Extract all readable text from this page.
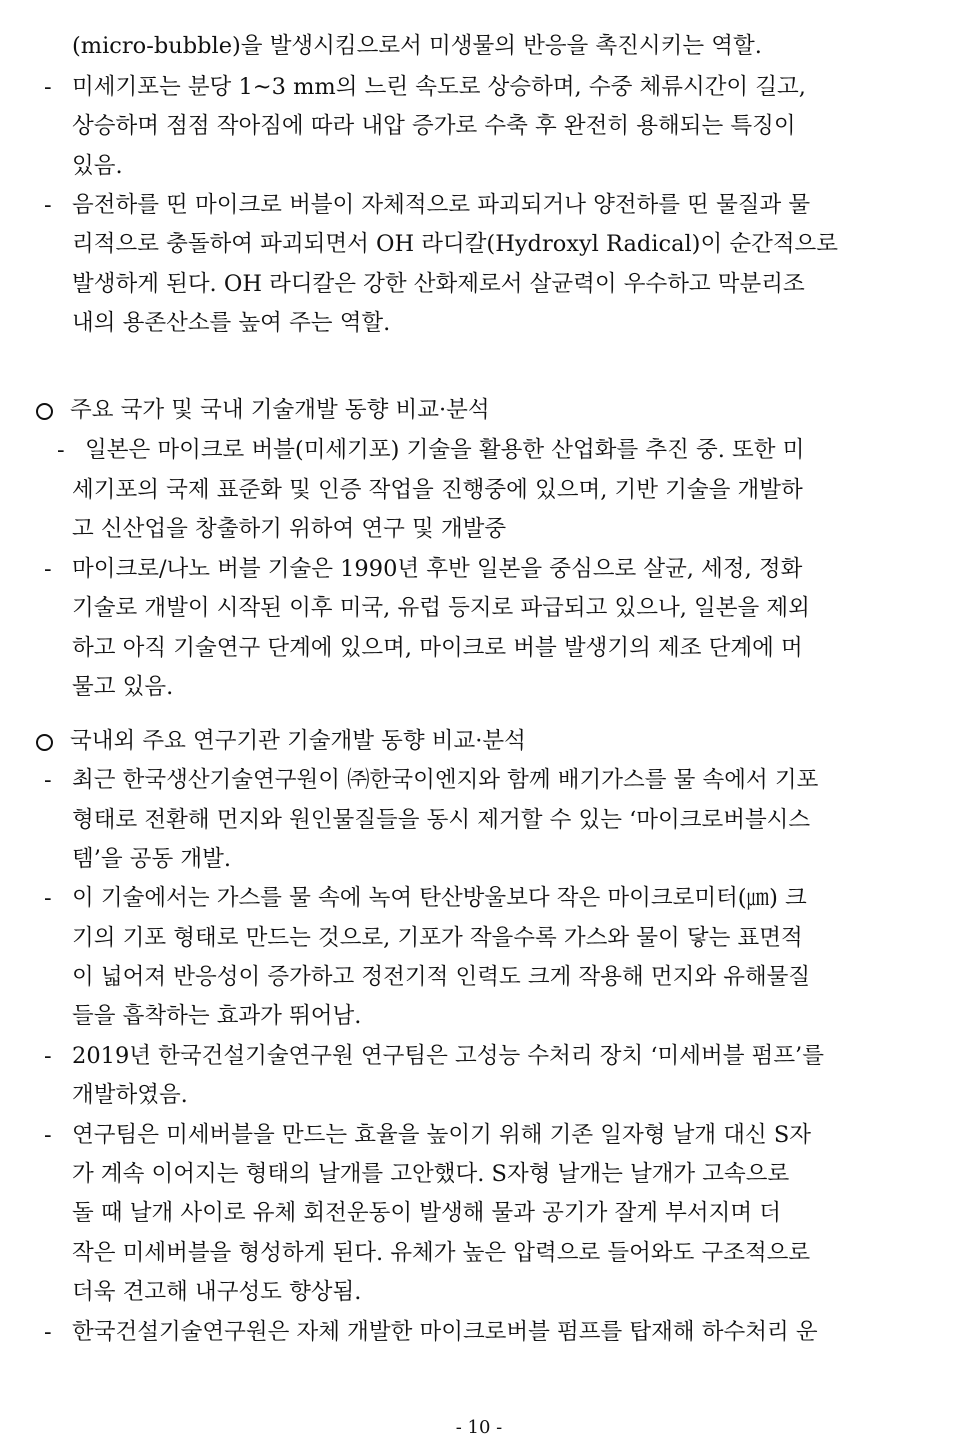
(micro-bubble)을 발생시킴으로서 미생물의 반응을 촉진시키는 역할.
- 미세기포는 분당 1~3 mm의 느린 속도로 상승하며, 수중 체류시간이 길고,
상승하며 점점 작아짐에 따라 내압 증가로 수축 후 완전히 용해되는 특징이
있음.
- 음전하를 띤 마이크로 버블이 자체적으로 파괴되거나 양전하를 띤 물질과 물
리적으로 충돌하여 파괴되면서 OH 라디칼(Hydroxyl Radical)이 순간적으로
발생하게 된다. OH 라디칼은 강한 산화제로서 살균력이 우수하고 막분리조
내의 용존산소를 높여 주는 역할.
주요 국가 및 국내 기술개발 동향 비교·분석
- 일본은 마이크로 버블(미세기포) 기술을 활용한 산업화를 추진 중. 또한 미
세기포의 국제 표준화 및 인증 작업을 진행중에 있으며, 기반 기술을 개발하
고 신산업을 창출하기 위하여 연구 및 개발중
- 마이크로/나노 버블 기술은 1990년 후반 일본을 중심으로 살균, 세정, 정화
기술로 개발이 시작된 이후 미국, 유럽 등지로 파급되고 있으나, 일본을 제외
하고 아직 기술연구 단계에 있으며, 마이크로 버블 발생기의 제조 단계에 머
물고 있음.
국내외 주요 연구기관 기술개발 동향 비교·분석
- 최근 한국생산기술연구원이 ㈜한국이엔지와 함께 배기가스를 물 속에서 기포
형태로 전환해 먼지와 원인물질들을 동시 제거할 수 있는 ‘마이크로버블시스
템’을 공동 개발.
- 이 기술에서는 가스를 물 속에 녹여 탄산방울보다 작은 마이크로미터(㎛) 크
기의 기포 형태로 만드는 것으로, 기포가 작을수록 가스와 물이 닿는 표면적
이 넓어져 반응성이 증가하고 정전기적 인력도 크게 작용해 먼지와 유해물질
들을 흡착하는 효과가 뛰어남.
- 2019년 한국건설기술연구원 연구팀은 고성능 수처리 장치 ‘미세버블 펌프’를
개발하였음.
- 연구팀은 미세버블을 만드는 효율을 높이기 위해 기존 일자형 날개 대신 S자
가 계속 이어지는 형태의 날개를 고안했다. S자형 날개는 날개가 고속으로
돌 때 날개 사이로 유체 회전운동이 발생해 물과 공기가 잘게 부서지며 더
작은 미세버블을 형성하게 된다. 유체가 높은 압력으로 들어와도 구조적으로
더욱 견고해 내구성도 향상됨.
- 한국건설기술연구원은 자체 개발한 마이크로버블 펌프를 탑재해 하수처리 운
- 10 -
